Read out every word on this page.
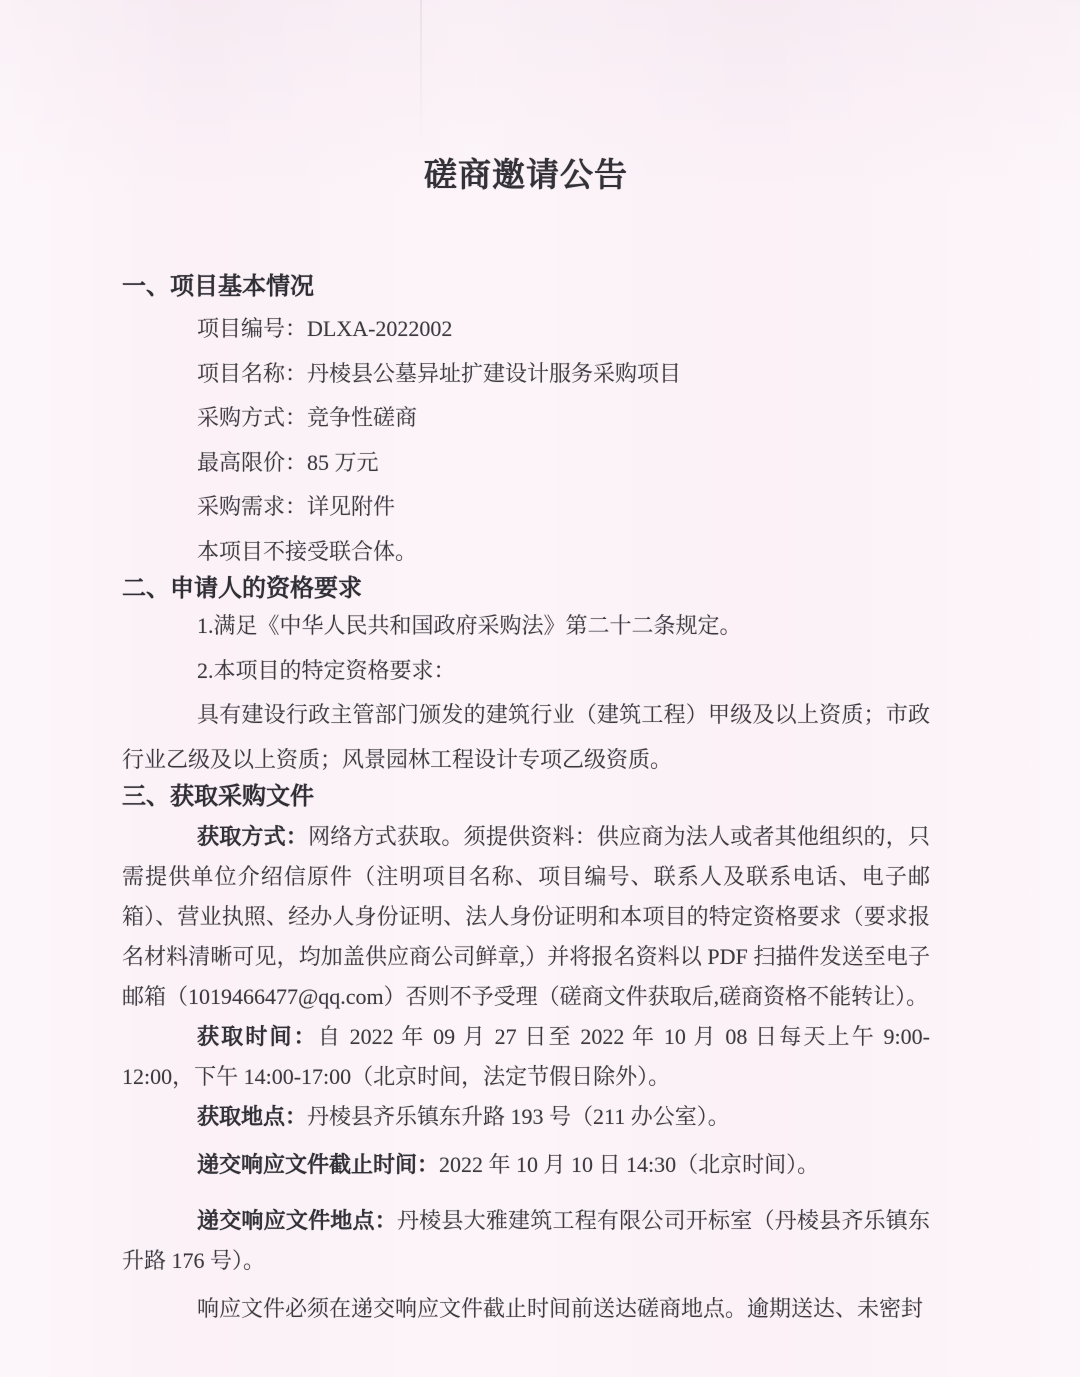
磋商邀请公告
一、项目基本情况

项目编号：DLXA-2022002

项目名称：丹棱县公墓异址扩建设计服务采购项目

采购方式：竞争性磋商

最高限价：85 万元

采购需求：详见附件

本项目不接受联合体。

二、申请人的资格要求

1.满足《中华人民共和国政府采购法》第二十二条规定。

2.本项目的特定资格要求：

具有建设行政主管部门颁发的建筑行业（建筑工程）甲级及以上资质；市政行业乙级及以上资质；风景园林工程设计专项乙级资质。

三、获取采购文件

获取方式：网络方式获取。须提供资料：供应商为法人或者其他组织的，只需提供单位介绍信原件（注明项目名称、项目编号、联系人及联系电话、电子邮箱）、营业执照、经办人身份证明、法人身份证明和本项目的特定资格要求（要求报名材料清晰可见，均加盖供应商公司鲜章,）并将报名资料以 PDF 扫描件发送至电子邮箱（1019466477@qq.com）否则不予受理（磋商文件获取后,磋商资格不能转让）。

获取时间：自 2022 年 09 月 27 日至 2022 年 10 月 08 日每天上午 9:00-12:00，下午 14:00-17:00（北京时间，法定节假日除外）。

获取地点：丹棱县齐乐镇东升路 193 号（211 办公室）。

递交响应文件截止时间：2022 年 10 月 10 日 14:30（北京时间）。

递交响应文件地点：丹棱县大雅建筑工程有限公司开标室（丹棱县齐乐镇东升路 176 号）。

响应文件必须在递交响应文件截止时间前送达磋商地点。逾期送达、未密封
